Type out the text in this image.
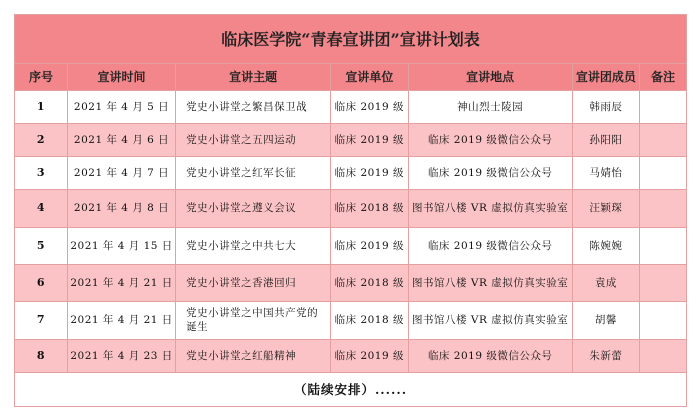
临床医学院“青春宣讲团”宣讲计划表						
序号	宣讲时间	宣讲主题	宣讲单位	宣讲地点	宣讲团成员	备注
1	2021 年 4 月 5 日	党史小讲堂之繁昌保卫战	临床 2019 级	神山烈士陵园	韩雨辰	
2	2021 年 4 月 6 日	党史小讲堂之五四运动	临床 2019 级	临床 2019 级微信公众号	孙阳阳	
3	2021 年 4 月 7 日	党史小讲堂之红军长征	临床 2019 级	临床 2019 级微信公众号	马婧怡	
4	2021 年 4 月 8 日	党史小讲堂之遵义会议	临床 2018 级	图书馆八楼 VR 虚拟仿真实验室	汪颖琛	
5	2021 年 4 月 15 日	党史小讲堂之中共七大	临床 2019 级	临床 2019 级微信公众号	陈婉婉	
6	2021 年 4 月 21 日	党史小讲堂之香港回归	临床 2018 级	图书馆八楼 VR 虚拟仿真实验室	袁成	
7	2021 年 4 月 21 日	党史小讲堂之中国共产党的诞生	临床 2018 级	图书馆八楼 VR 虚拟仿真实验室	胡馨	
8	2021 年 4 月 23 日	党史小讲堂之红船精神	临床 2019 级	临床 2019 级微信公众号	朱新蕾	
（陆续安排）......						
